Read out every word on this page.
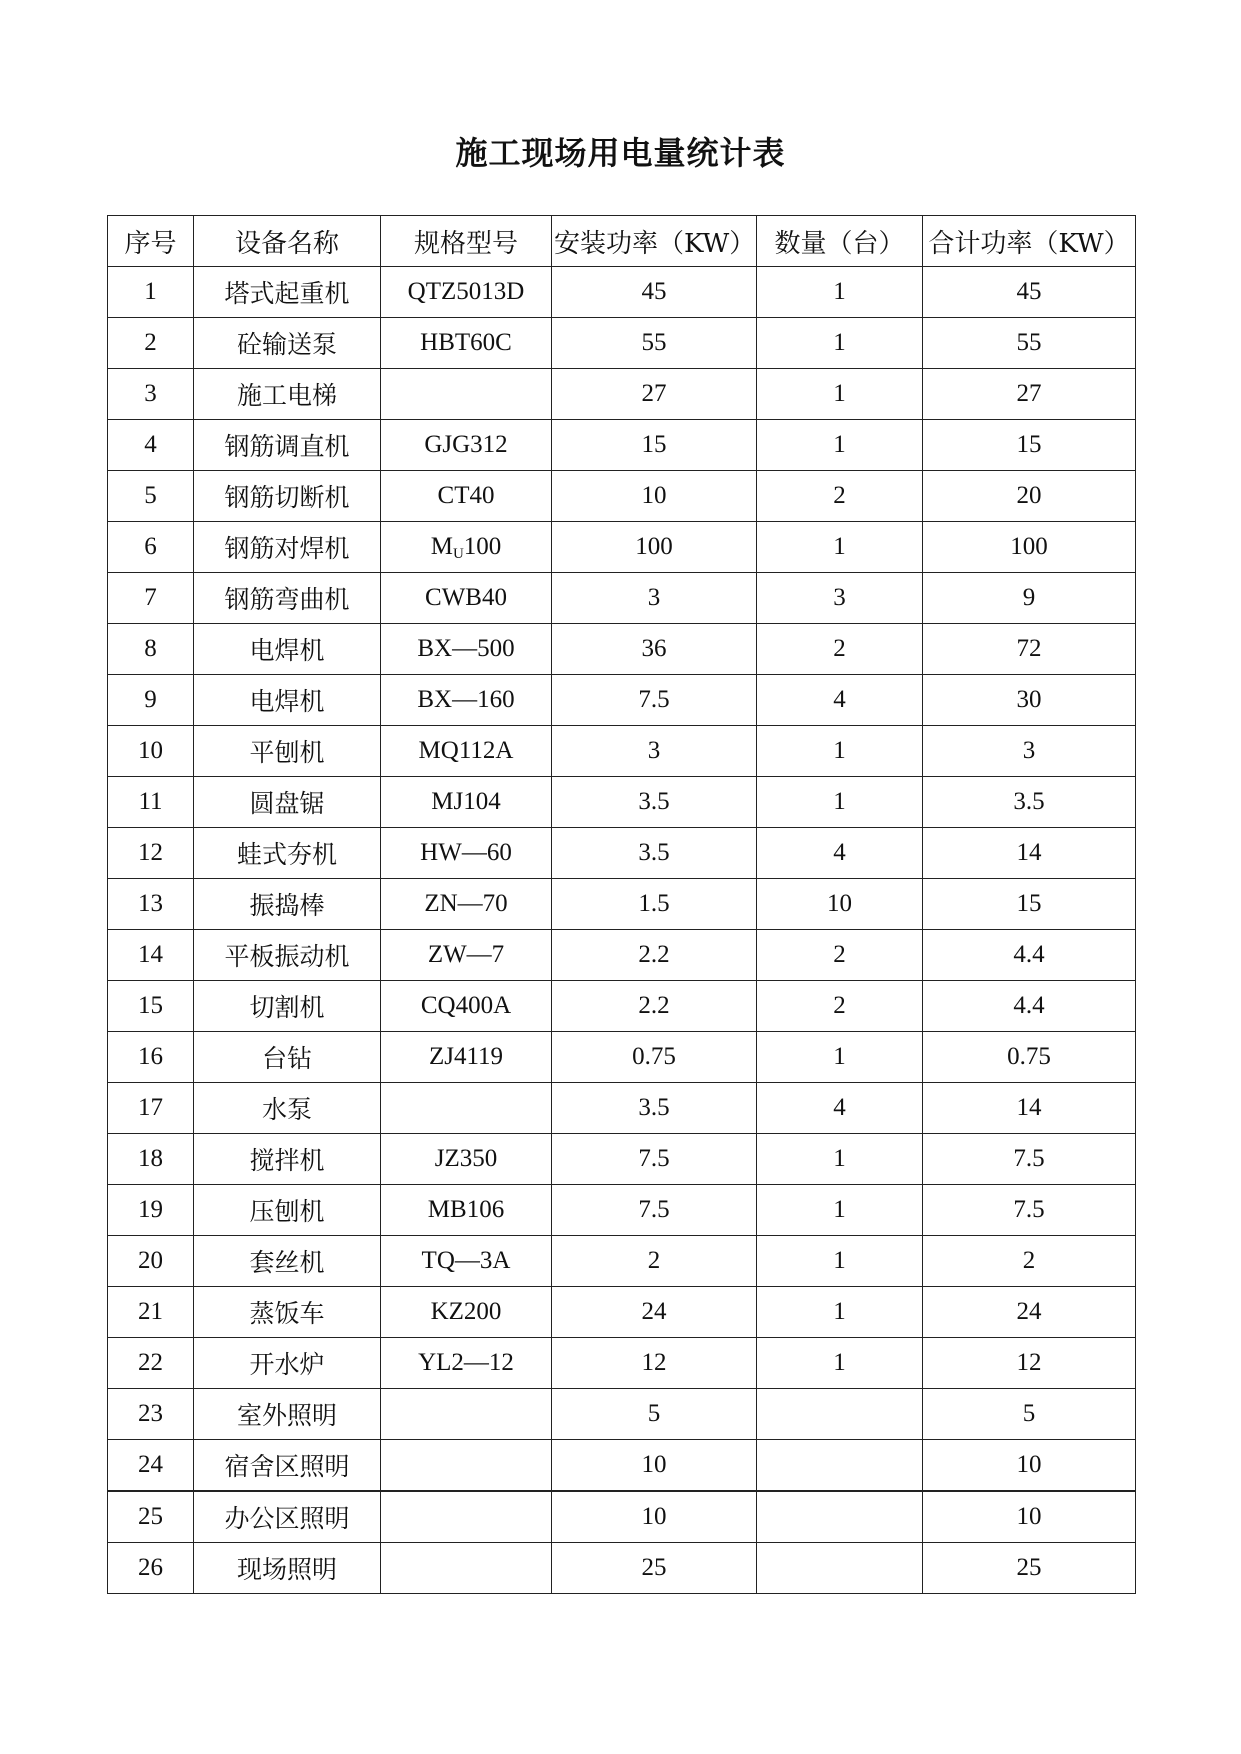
施工现场用电量统计表
序号	设备名称	规格型号	安装功率（KW）	数量（台）	合计功率（KW）
1	塔式起重机	QTZ5013D	45	1	45
2	砼输送泵	HBT60C	55	1	55
3	施工电梯		27	1	27
4	钢筋调直机	GJG312	15	1	15
5	钢筋切断机	CT40	10	2	20
6	钢筋对焊机	$M_U100$	100	1	100
7	钢筋弯曲机	CWB40	3	3	9
8	电焊机	BX—500	36	2	72
9	电焊机	BX—160	7.5	4	30
10	平刨机	MQ112A	3	1	3
11	圆盘锯	MJ104	3.5	1	3.5
12	蛙式夯机	HW—60	3.5	4	14
13	振捣棒	ZN—70	1.5	10	15
14	平板振动机	ZW—7	2.2	2	4.4
15	切割机	CQ400A	2.2	2	4.4
16	台钻	ZJ4119	0.75	1	0.75
17	水泵		3.5	4	14
18	搅拌机	JZ350	7.5	1	7.5
19	压刨机	MB106	7.5	1	7.5
20	套丝机	TQ—3A	2	1	2
21	蒸饭车	KZ200	24	1	24
22	开水炉	YL2—12	12	1	12
23	室外照明		5		5
24	宿舍区照明		10		10
25	办公区照明		10		10
26	现场照明		25		25
